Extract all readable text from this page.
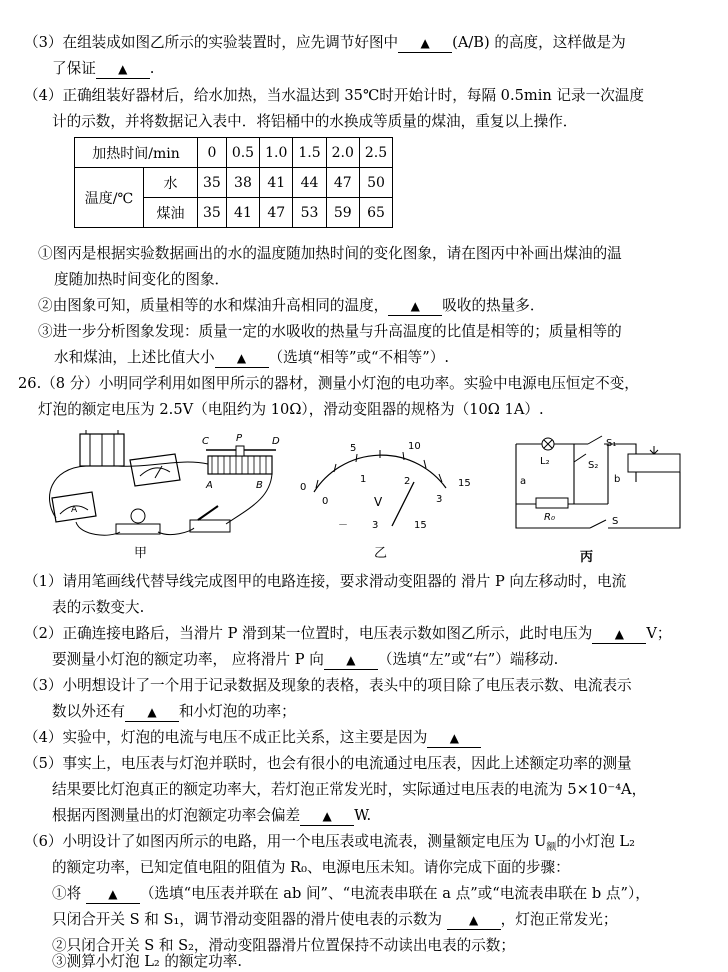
（3）在组装成如图乙所示的实验装置时，应先调节好图中 ▲ (A/B) 的高度，这样做是为
了保证 ▲ .
（4）正确组装好器材后，给水加热，当水温达到 35℃时开始计时，每隔 0.5min 记录一次温度
计的示数，并将数据记入表中．将铝桶中的水换成等质量的煤油，重复以上操作．
加热时间/min		0	0.5	1.0	1.5	2.0	2.5
温度/℃	水	35	38	41	44	47	50
	煤油	35	41	47	53	59	65
①图丙是根据实验数据画出的水的温度随加热时间的变化图象，请在图丙中补画出煤油的温
度随加热时间变化的图象．
②由图象可知，质量相等的水和煤油升高相同的温度， ▲ 吸收的热量多．
③进一步分析图象发现：质量一定的水吸收的热量与升高温度的比值是相等的；质量相等的
水和煤油，上述比值大小 ▲ （选填“相等”或“不相等”）.
26.（8 分）小明同学利用如图甲所示的器材，测量小灯泡的电功率。实验中电源电压恒定不变，
灯泡的额定电压为 2.5V（电阻约为 10Ω），滑动变阻器的规格为（10Ω 1A）.
A
C	P	D
A	B
甲
0
5	10
15
0
1	2
3
V
－ 3	15
乙
L₂
S₁
S₂
a	b
R₀	S
丙
（1）请用笔画线代替导线完成图甲的电路连接，要求滑动变阻器的 滑片 P 向左移动时，电流
表的示数变大.
（2）正确连接电路后，当滑片 P 滑到某一位置时，电压表示数如图乙所示，此时电压为 ▲ V；
要测量小灯泡的额定功率， 应将滑片 P 向 ▲ （选填“左”或“右”）端移动.
（3）小明想设计了一个用于记录数据及现象的表格，表头中的项目除了电压表示数、电流表示
数以外还有 ▲ 和小灯泡的功率；
（4）实验中，灯泡的电流与电压不成正比关系，这主要是因为 ▲
（5）事实上，电压表与灯泡并联时，也会有很小的电流通过电压表，因此上述额定功率的测量
结果要比灯泡真正的额定功率大，若灯泡正常发光时，实际通过电压表的电流为 5×10⁻⁴A，
根据丙图测量出的灯泡额定功率会偏差 ▲ W.
（6）小明设计了如图丙所示的电路，用一个电压表或电流表，测量额定电压为 $U_额$的小灯泡 L₂
的额定功率，已知定值电阻的阻值为 R₀、电源电压未知。请你完成下面的步骤：
①将 ▲ （选填“电压表并联在 ab 间”、“电流表串联在 a 点”或“电流表串联在 b 点”），
只闭合开关 S 和 S₁，调节滑动变阻器的滑片使电表的示数为 ▲ ，灯泡正常发光；
②只闭合开关 S 和 S₂，滑动变阻器滑片位置保持不动读出电表的示数；
③测算小灯泡 L₂ 的额定功率.
